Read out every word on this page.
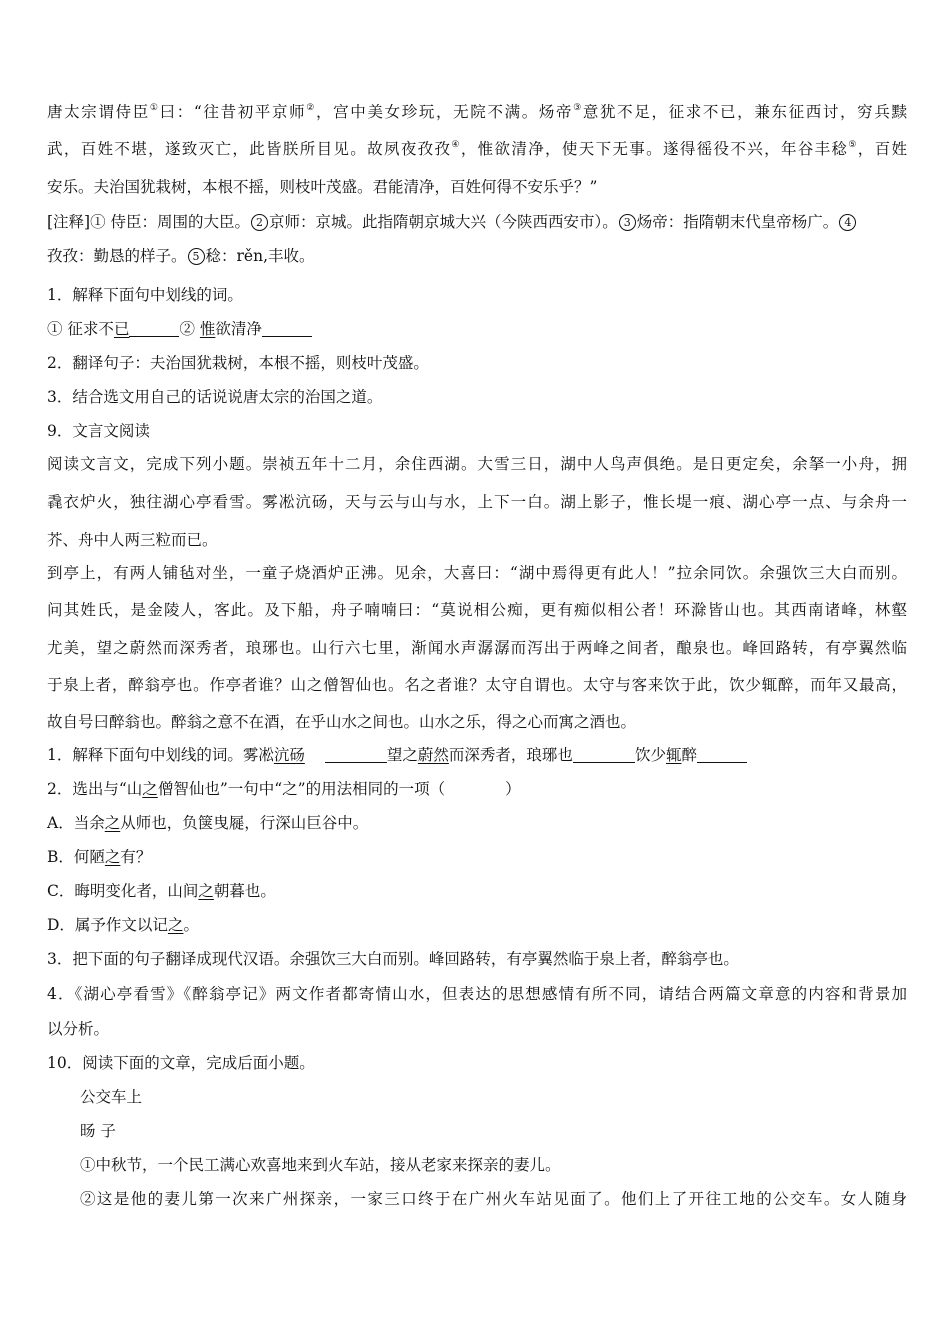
唐太宗谓侍臣①曰：“往昔初平京师②，宫中美女珍玩，无院不满。炀帝③意犹不足，征求不已，兼东征西讨，穷兵黩
武，百姓不堪，遂致灭亡，此皆朕所目见。故夙夜孜孜④，惟欲清净，使天下无事。遂得徭役不兴，年谷丰稔⑤，百姓
安乐。夫治国犹栽树，本根不摇，则枝叶茂盛。君能清净，百姓何得不安乐乎？”
[注释]① 侍臣：周围的大臣。 2 京师：京城。此指隋朝京城大兴（今陕西西安市）。 3 炀帝：指隋朝末代皇帝杨广。 4
孜孜：勤恳的样子。 5 稔：rěn,丰收。
1．解释下面句中划线的词。
① 征求不已	② 惟欲清净
2．翻译句子：夫治国犹栽树，本根不摇，则枝叶茂盛。
3．结合选文用自己的话说说唐太宗的治国之道。
9．文言文阅读
阅读文言文，完成下列小题。崇祯五年十二月，余住西湖。大雪三日，湖中人鸟声俱绝。是日更定矣，余拏一小舟，拥
毳衣炉火，独往湖心亭看雪。雾凇沆砀，天与云与山与水，上下一白。湖上影子，惟长堤一痕、湖心亭一点、与余舟一
芥、舟中人两三粒而已。
到亭上，有两人铺毡对坐，一童子烧酒炉正沸。见余，大喜曰：“湖中焉得更有此人！”拉余同饮。余强饮三大白而别。
问其姓氏，是金陵人，客此。及下船，舟子喃喃曰：“莫说相公痴，更有痴似相公者！环滁皆山也。其西南诸峰，林壑
尤美，望之蔚然而深秀者，琅琊也。山行六七里，渐闻水声潺潺而泻出于两峰之间者，酿泉也。峰回路转，有亭翼然临
于泉上者，醉翁亭也。作亭者谁？山之僧智仙也。名之者谁？太守自谓也。太守与客来饮于此，饮少辄醉，而年又最高，
故自号曰醉翁也。醉翁之意不在酒，在乎山水之间也。山水之乐，得之心而寓之酒也。
1．解释下面句中划线的词。雾凇沆砀	望之蔚然而深秀者，琅琊也	饮少辄醉
2．选出与“山之僧智仙也”一句中“之”的用法相同的一项（	）
A．当余之从师也，负箧曳屣，行深山巨谷中。
B．何陋之有？
C．晦明变化者，山间之朝暮也。
D．属予作文以记之。
3．把下面的句子翻译成现代汉语。余强饮三大白而别。峰回路转，有亭翼然临于泉上者，醉翁亭也。
4．《湖心亭看雪》《醉翁亭记》两文作者都寄情山水，但表达的思想感情有所不同，请结合两篇文章意的内容和背景加
以分析。
10．阅读下面的文章，完成后面小题。
公交车上
旸 子
①中秋节，一个民工满心欢喜地来到火车站，接从老家来探亲的妻儿。
②这是他的妻儿第一次来广州探亲，一家三口终于在广州火车站见面了。他们上了开往工地的公交车。女人随身
